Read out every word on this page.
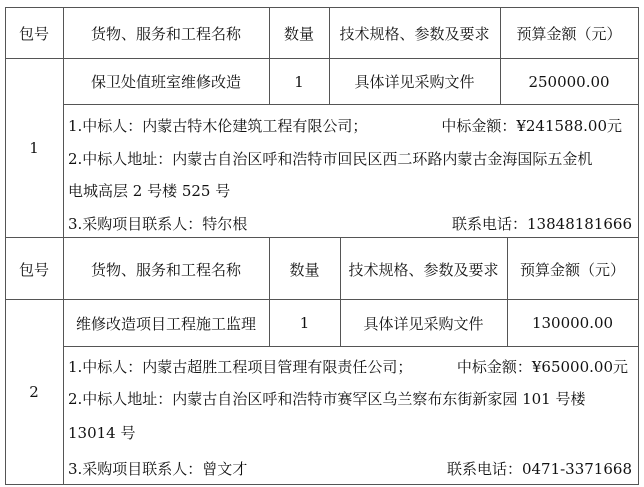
包号	货物、服务和工程名称	数量	技术规格、参数及要求	预算金额（元）
保卫处值班室维修改造	1	具体详见采购文件	250000.00
1
1.中标人：内蒙古特木伦建筑工程有限公司；	中标金额：¥241588.00元
2.中标人地址：内蒙古自治区呼和浩特市回民区西二环路内蒙古金海国际五金机
电城高层 2 号楼 525 号
3.采购项目联系人：特尔根	联系电话：13848181666
包号	货物、服务和工程名称	数量	技术规格、参数及要求	预算金额（元）
维修改造项目工程施工监理	1	具体详见采购文件	130000.00
2
1.中标人：内蒙古超胜工程项目管理有限责任公司；	中标金额：¥65000.00元
2.中标人地址：内蒙古自治区呼和浩特市赛罕区乌兰察布东街新家园 101 号楼
13014 号
3.采购项目联系人：曾文才	联系电话：0471-3371668
